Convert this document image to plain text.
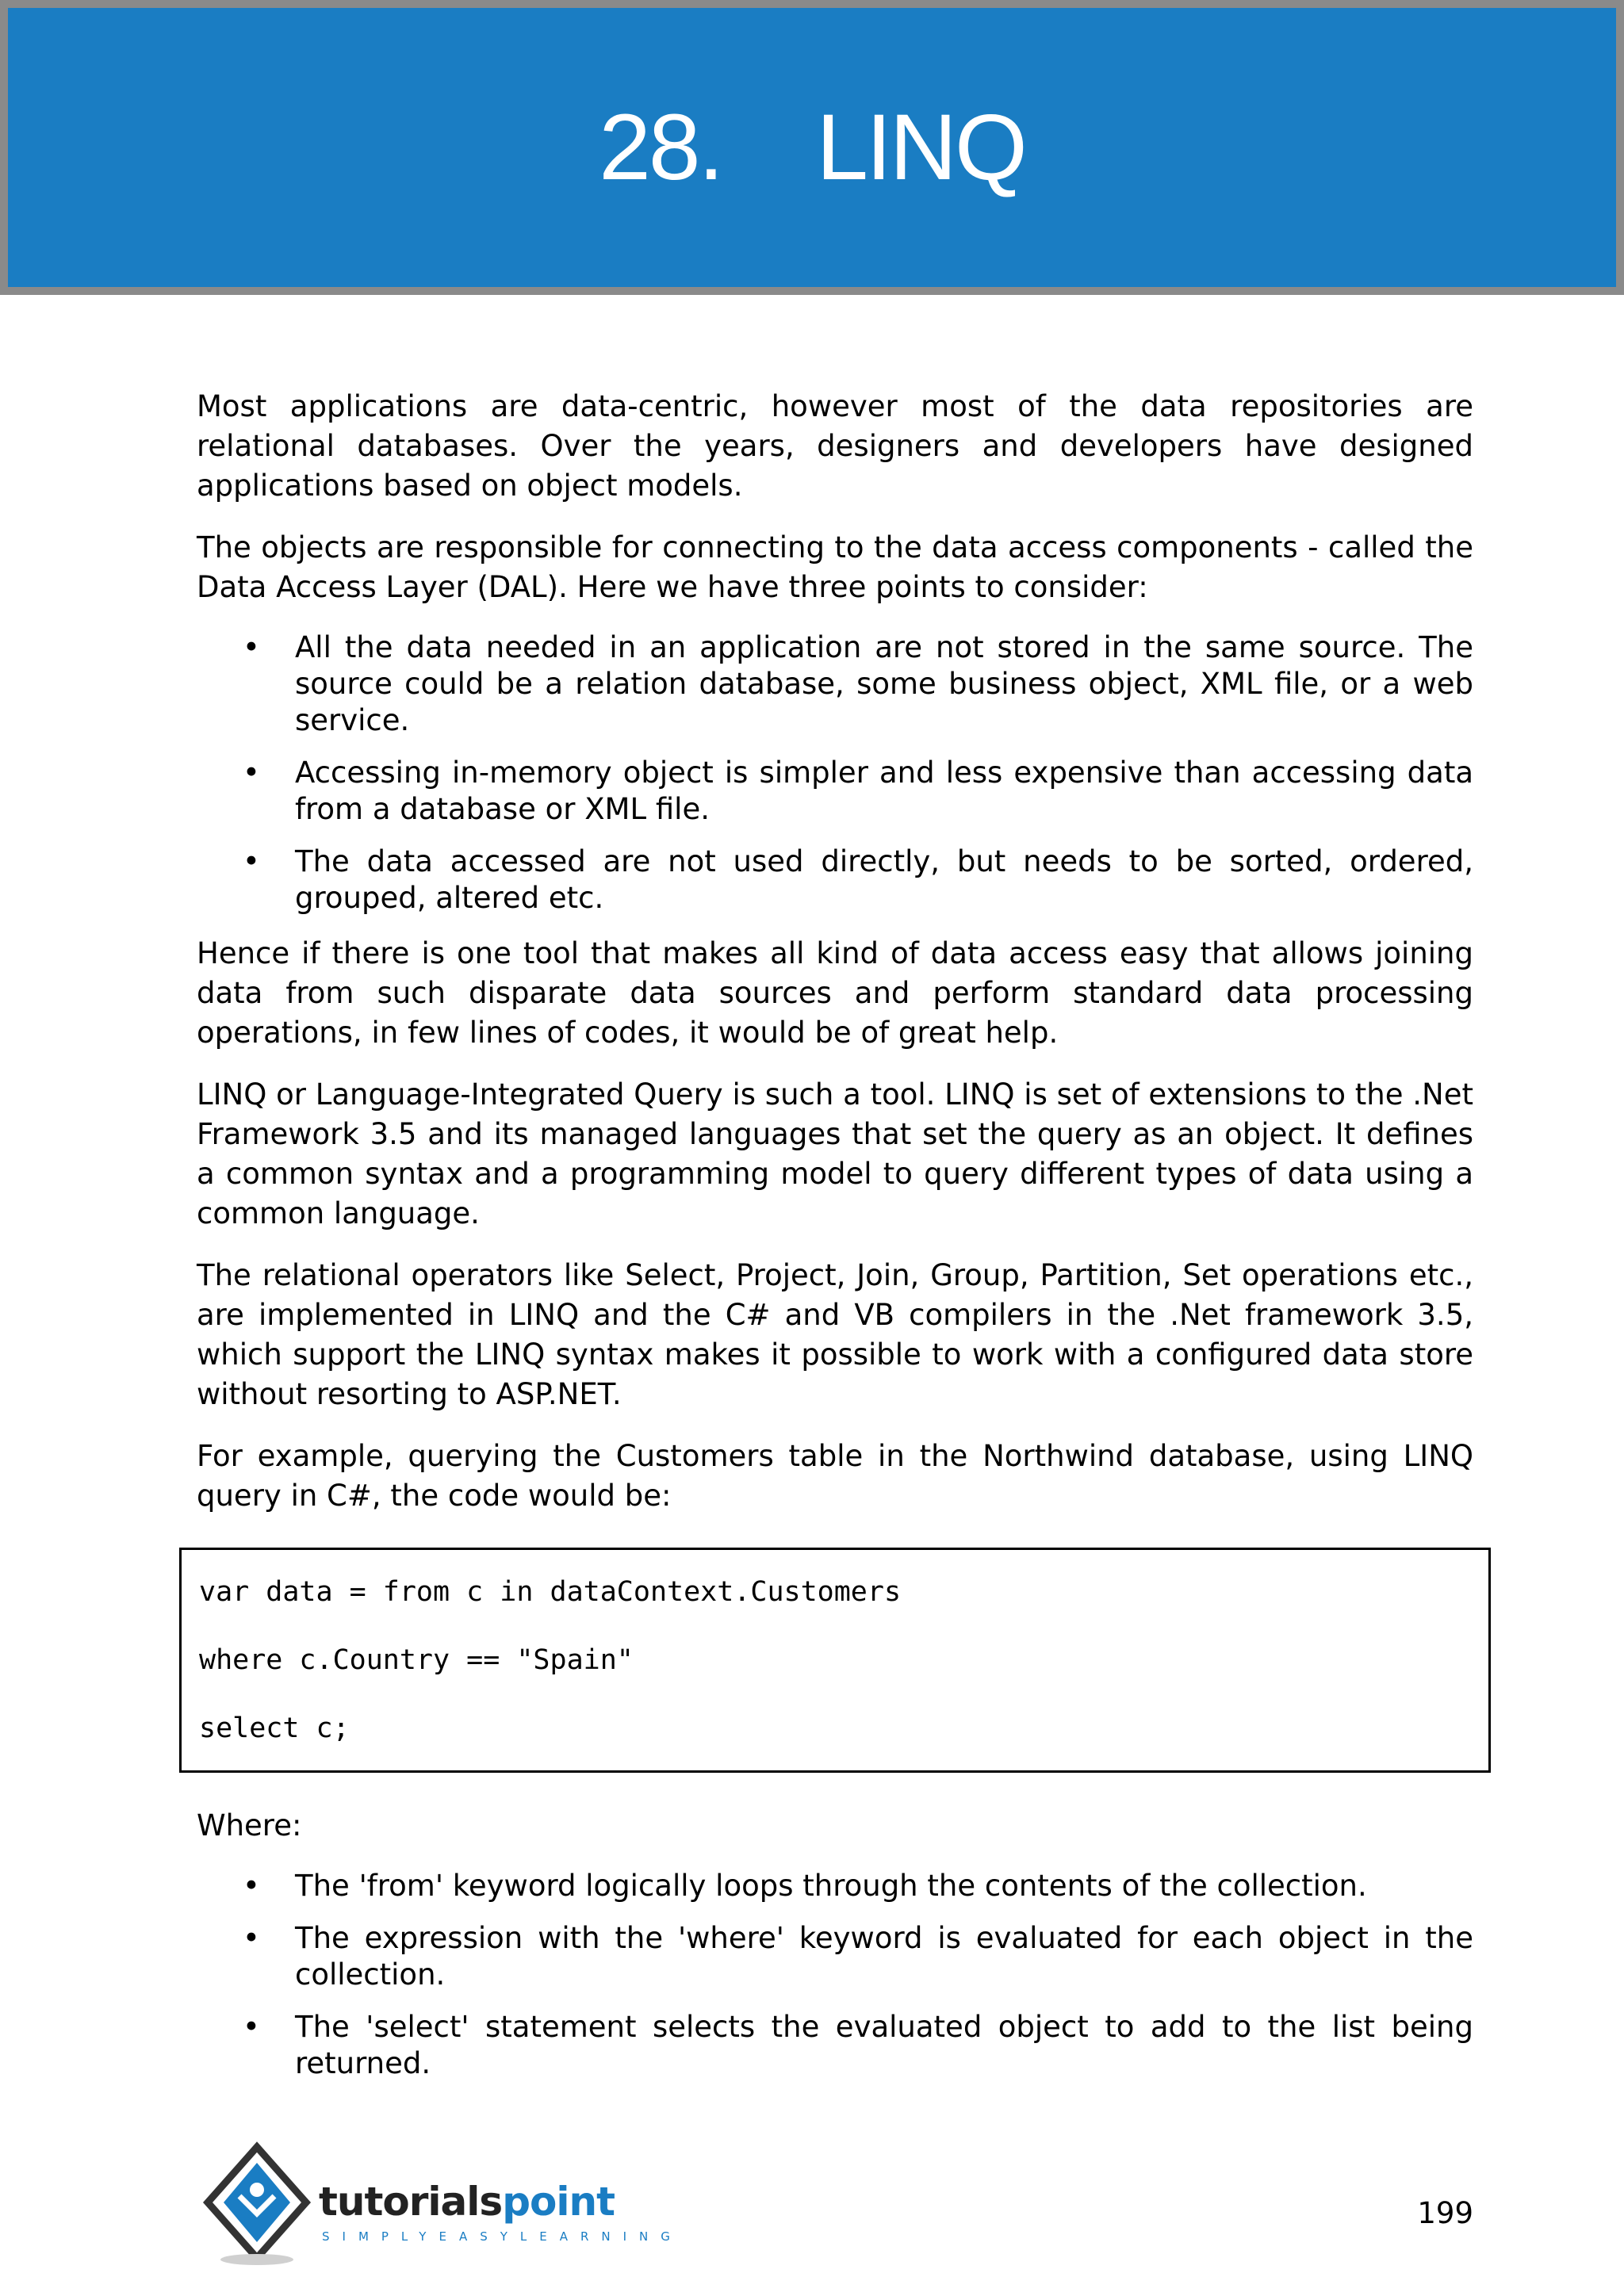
28.    LINQ

Most applications are data-centric, however most of the data repositories are relational databases. Over the years, designers and developers have designed applications based on object models.

The objects are responsible for connecting to the data access components - called the Data Access Layer (DAL). Here we have three points to consider:

• All the data needed in an application are not stored in the same source. The source could be a relation database, some business object, XML file, or a web service.
• Accessing in-memory object is simpler and less expensive than accessing data from a database or XML file.
• The data accessed are not used directly, but needs to be sorted, ordered, grouped, altered etc.

Hence if there is one tool that makes all kind of data access easy that allows joining data from such disparate data sources and perform standard data processing operations, in few lines of codes, it would be of great help.

LINQ or Language-Integrated Query is such a tool. LINQ is set of extensions to the .Net Framework 3.5 and its managed languages that set the query as an object. It defines a common syntax and a programming model to query different types of data using a common language.

The relational operators like Select, Project, Join, Group, Partition, Set operations etc., are implemented in LINQ and the C# and VB compilers in the .Net framework 3.5, which support the LINQ syntax makes it possible to work with a configured data store without resorting to ASP.NET.

For example, querying the Customers table in the Northwind database, using LINQ query in C#, the code would be:

var data = from c in dataContext.Customers
where c.Country == "Spain"
select c;

Where:

• The 'from' keyword logically loops through the contents of the collection.
• The expression with the 'where' keyword is evaluated for each object in the collection.
• The 'select' statement selects the evaluated object to add to the list being returned.
tutorialspoint
SIMPLYEASYLEARNING
199
